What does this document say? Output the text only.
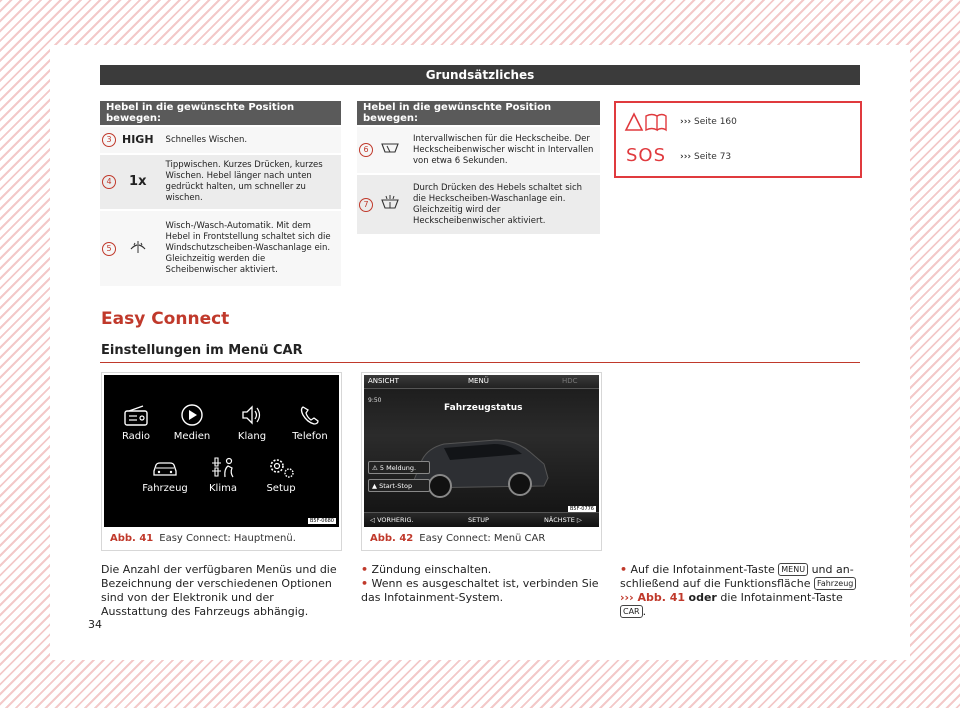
Grundsätzliches
Hebel in die gewünschte Position bewegen:		
3	HIGH	Schnelles Wischen.
4	1x	Tippwischen. Kurzes Drücken, kurzes Wischen. Hebel länger nach unten gedrückt halten, um schneller zu wischen.
5		Wisch-/Wasch-Automatik. Mit dem Hebel in Frontstellung schaltet sich die Windschutzscheiben-Waschanlage ein. Gleichzeitig werden die Scheibenwischer aktiviert.
Hebel in die gewünschte Position bewegen:		
6		Intervallwischen für die Heckscheibe. Der Heckscheibenwischer wischt in Intervallen von etwa 6 Sekunden.
7		Durch Drücken des Hebels schaltet sich die Heckscheiben-Waschanlage ein. Gleichzeitig wird der Heckscheibenwischer aktiviert.
››› Seite 160
SOS ››› Seite 73
Easy Connect
Einstellungen im Menü CAR
Radio	Medien	Klang	Telefon
Fahrzeug	Klima	Setup
B5F-0680
Abb. 41 Easy Connect: Hauptmenü.
ANSICHT	MENÜ	HDC
9:50
Fahrzeugstatus
⚠ 5 Meldung.
▲ Start-Stop
◁ VORHERIG.	SETUP	NÄCHSTE ▷
B5F-0776
Abb. 42 Easy Connect: Menü CAR
Die Anzahl der verfügbaren Menüs und die Bezeichnung der verschiedenen Optionen sind von der Elektronik und der Ausstattung des Fahrzeugs abhängig.
• Zündung einschalten.
• Wenn es ausgeschaltet ist, verbinden Sie das Infotainment-System.
• Auf die Infotainment-Taste MENU und an-schließend auf die Funktionsfläche Fahrzeug ››› Abb. 41 oder die Infotainment-Taste CAR .
34
